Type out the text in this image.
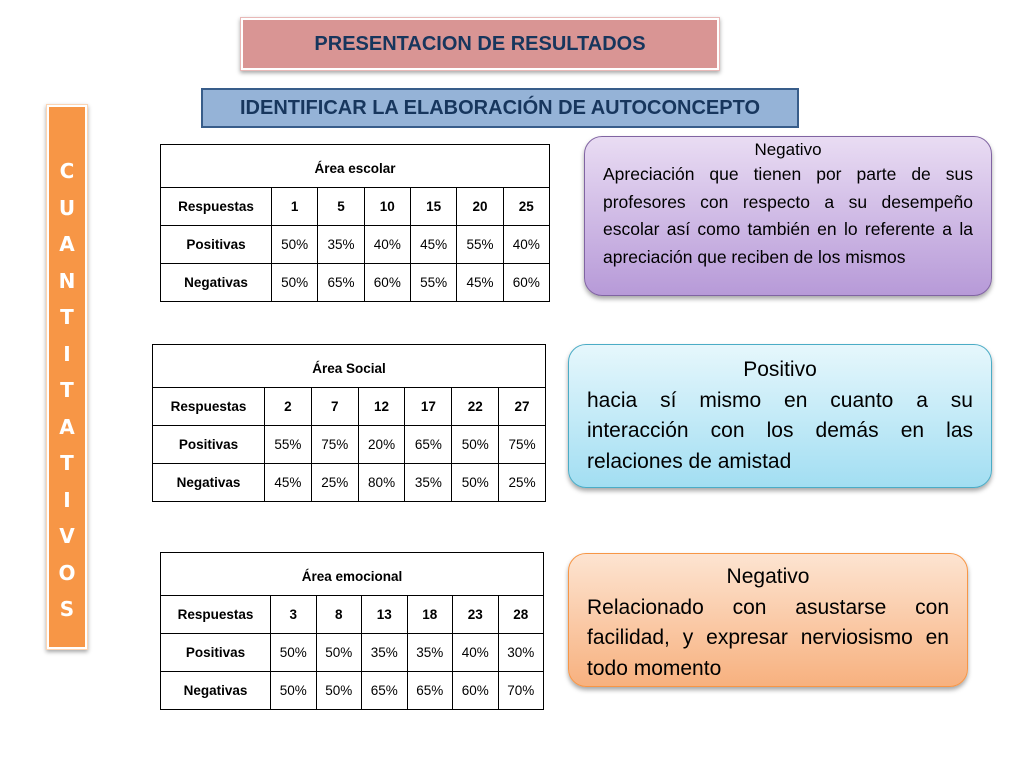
PRESENTACION DE RESULTADOS
IDENTIFICAR LA ELABORACIÓN DE AUTOCONCEPTO
C
U
A
N
T
I
T
A
T
I
V
O
S
Área escolar						
Respuestas	1	5	10	15	20	25
Positivas	50%	35%	40%	45%	55%	40%
Negativas	50%	65%	60%	55%	45%	60%
Área Social						
Respuestas	2	7	12	17	22	27
Positivas	55%	75%	20%	65%	50%	75%
Negativas	45%	25%	80%	35%	50%	25%
Área emocional						
Respuestas	3	8	13	18	23	28
Positivas	50%	50%	35%	35%	40%	30%
Negativas	50%	50%	65%	65%	60%	70%
Negativo
Apreciación que tienen por parte de sus profesores con respecto a su desempeño escolar así como también en lo referente a la apreciación que reciben de los mismos
Positivo
hacia sí mismo en cuanto a su interacción con los demás en las relaciones de amistad
Negativo
Relacionado con asustarse con facilidad, y expresar nerviosismo en todo momento
